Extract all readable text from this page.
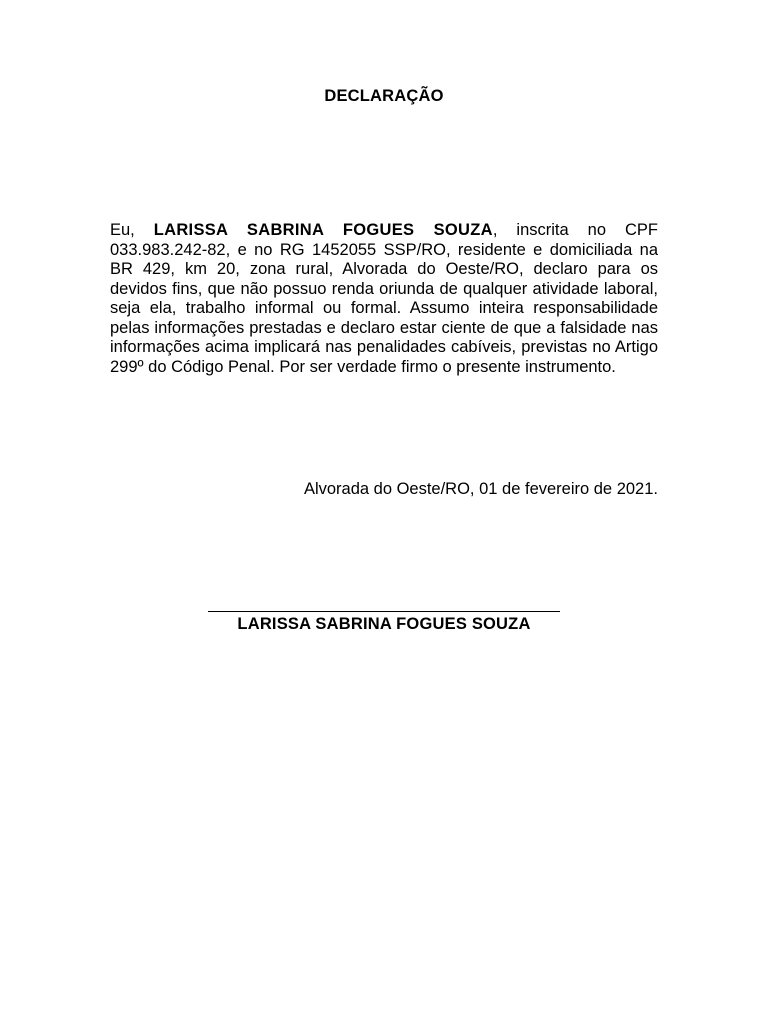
DECLARAÇÃO

Eu, LARISSA SABRINA FOGUES SOUZA, inscrita no CPF 033.983.242-82, e no RG 1452055 SSP/RO, residente e domiciliada na BR 429, km 20, zona rural, Alvorada do Oeste/RO, declaro para os devidos fins, que não possuo renda oriunda de qualquer atividade laboral, seja ela, trabalho informal ou formal. Assumo inteira responsabilidade pelas informações prestadas e declaro estar ciente de que a falsidade nas informações acima implicará nas penalidades cabíveis, previstas no Artigo 299º do Código Penal. Por ser verdade firmo o presente instrumento.

Alvorada do Oeste/RO, 01 de fevereiro de 2021.
LARISSA SABRINA FOGUES SOUZA
